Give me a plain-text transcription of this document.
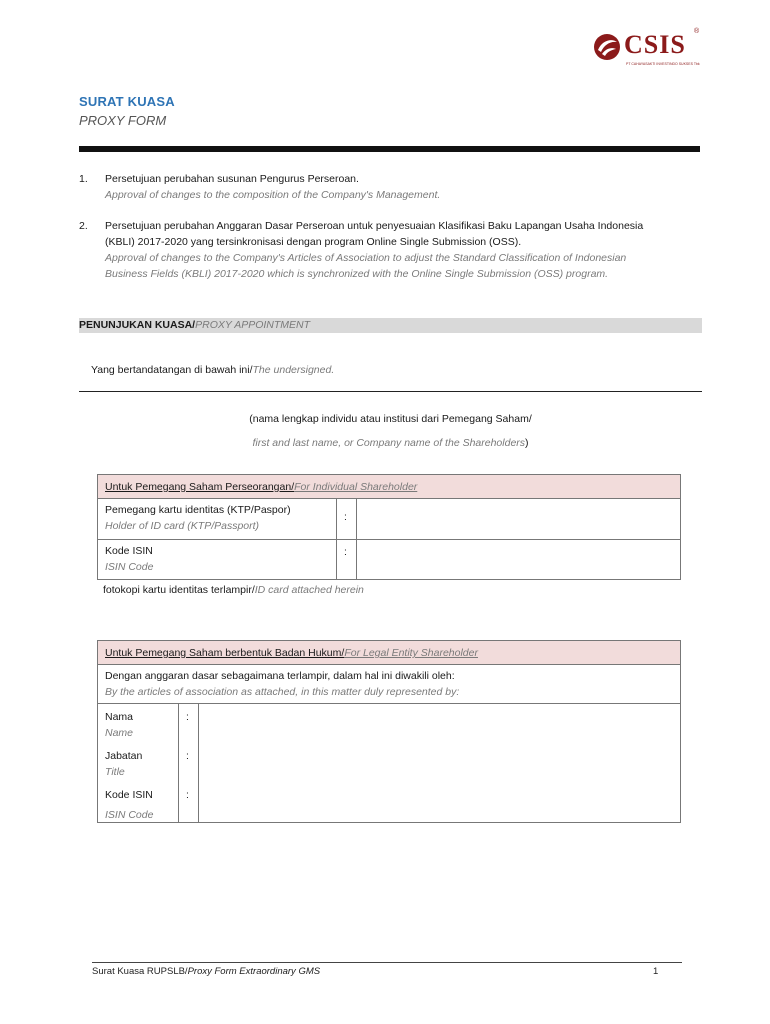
CSIS ®
PT CAHAYASAKTI INVESTINDO SUKSES Tbk
SURAT KUASA
PROXY FORM
1.	Persetujuan perubahan susunan Pengurus Perseroan.
Approval of changes to the composition of the Company's Management.
2.	Persetujuan perubahan Anggaran Dasar Perseroan untuk penyesuaian Klasifikasi Baku Lapangan Usaha Indonesia
(KBLI) 2017-2020 yang tersinkronisasi dengan program Online Single Submission (OSS).
Approval of changes to the Company's Articles of Association to adjust the Standard Classification of Indonesian
Business Fields (KBLI) 2017-2020 which is synchronized with the Online Single Submission (OSS) program.
PENUNJUKAN KUASA/PROXY APPOINTMENT
Yang bertandatangan di bawah ini/The undersigned.
(nama lengkap individu atau institusi dari Pemegang Saham/
first and last name, or Company name of the Shareholders)
Untuk Pemegang Saham Perseorangan/For Individual Shareholder
Pemegang kartu identitas (KTP/Paspor)
Holder of ID card (KTP/Passport)
:
Kode ISIN
ISIN Code
:
fotokopi kartu identitas terlampir/ID card attached herein
Untuk Pemegang Saham berbentuk Badan Hukum/For Legal Entity Shareholder
Dengan anggaran dasar sebagaimana terlampir, dalam hal ini diwakili oleh:
By the articles of association as attached, in this matter duly represented by:
Nama
Name
:
Jabatan
Title
:
Kode ISIN
ISIN Code
:
Surat Kuasa RUPSLB/Proxy Form Extraordinary GMS	1
